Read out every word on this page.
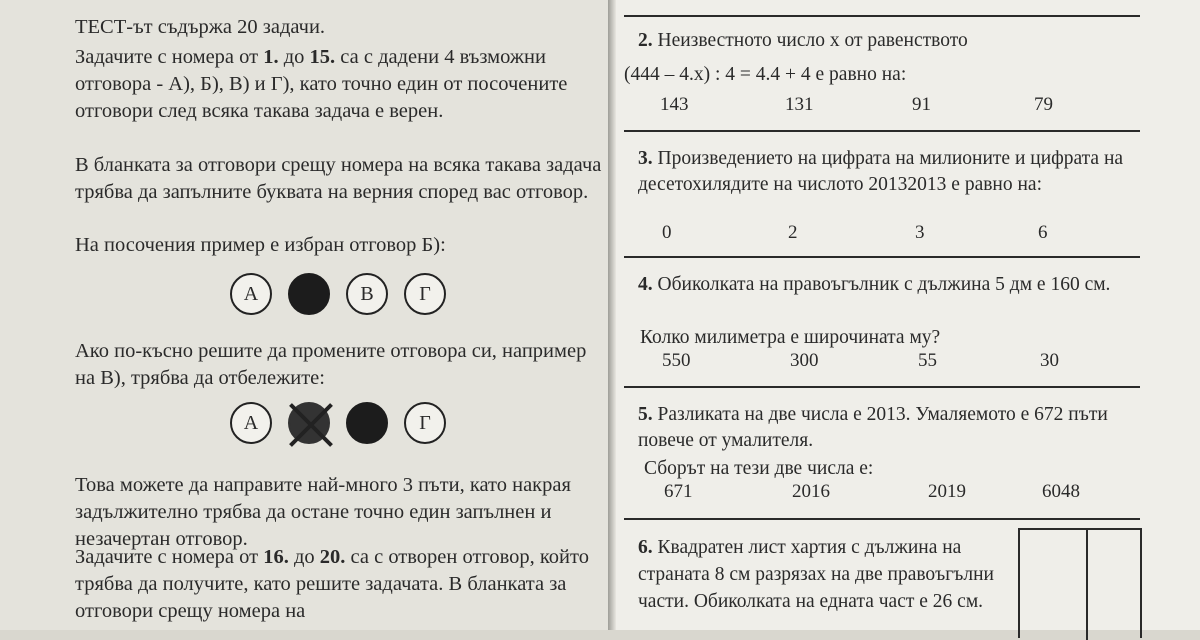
ТЕСТ-ът съдържа 20 задачи.
Задачите с номера от 1. до 15. са с дадени 4 възможни отговора - А), Б), В) и Г), като точно един от посочените отговори след всяка такава задача е верен.
В бланката за отговори срещу номера на всяка такава задача трябва да запълните буквата на верния според вас отговор.
На посочения пример е избран отговор Б):
А	В	Г
Ако по-късно решите да промените отговора си, например на В), трябва да отбележите:
А	Г
Това можете да направите най-много 3 пъти, като накрая задължително трябва да остане точно един запълнен и незачертан отговор.
Задачите с номера от 16. до 20. са с отворен отговор, който трябва да получите, като решите задачата. В бланката за отговори срещу номера на
2. Неизвестното число x от равенството
(444 – 4.x) : 4 = 4.4 + 4 е равно на:
143	131	91	79
3. Произведението на цифрата на милионите и цифрата на десетохилядите на числото 20132013 е равно на:
0	2	3	6
4. Обиколката на правоъгълник с дължина 5 дм е 160 см.
Колко милиметра е широчината му?
550	300	55	30
5. Разликата на две числа е 2013. Умаляемото е 672 пъти повече от умалителя.
Сборът на тези две числа е:
671	2016	2019	6048
6. Квадратен лист хартия с дължина на страната 8 см разрязах на две правоъгълни части. Обиколката на едната част е 26 см.
